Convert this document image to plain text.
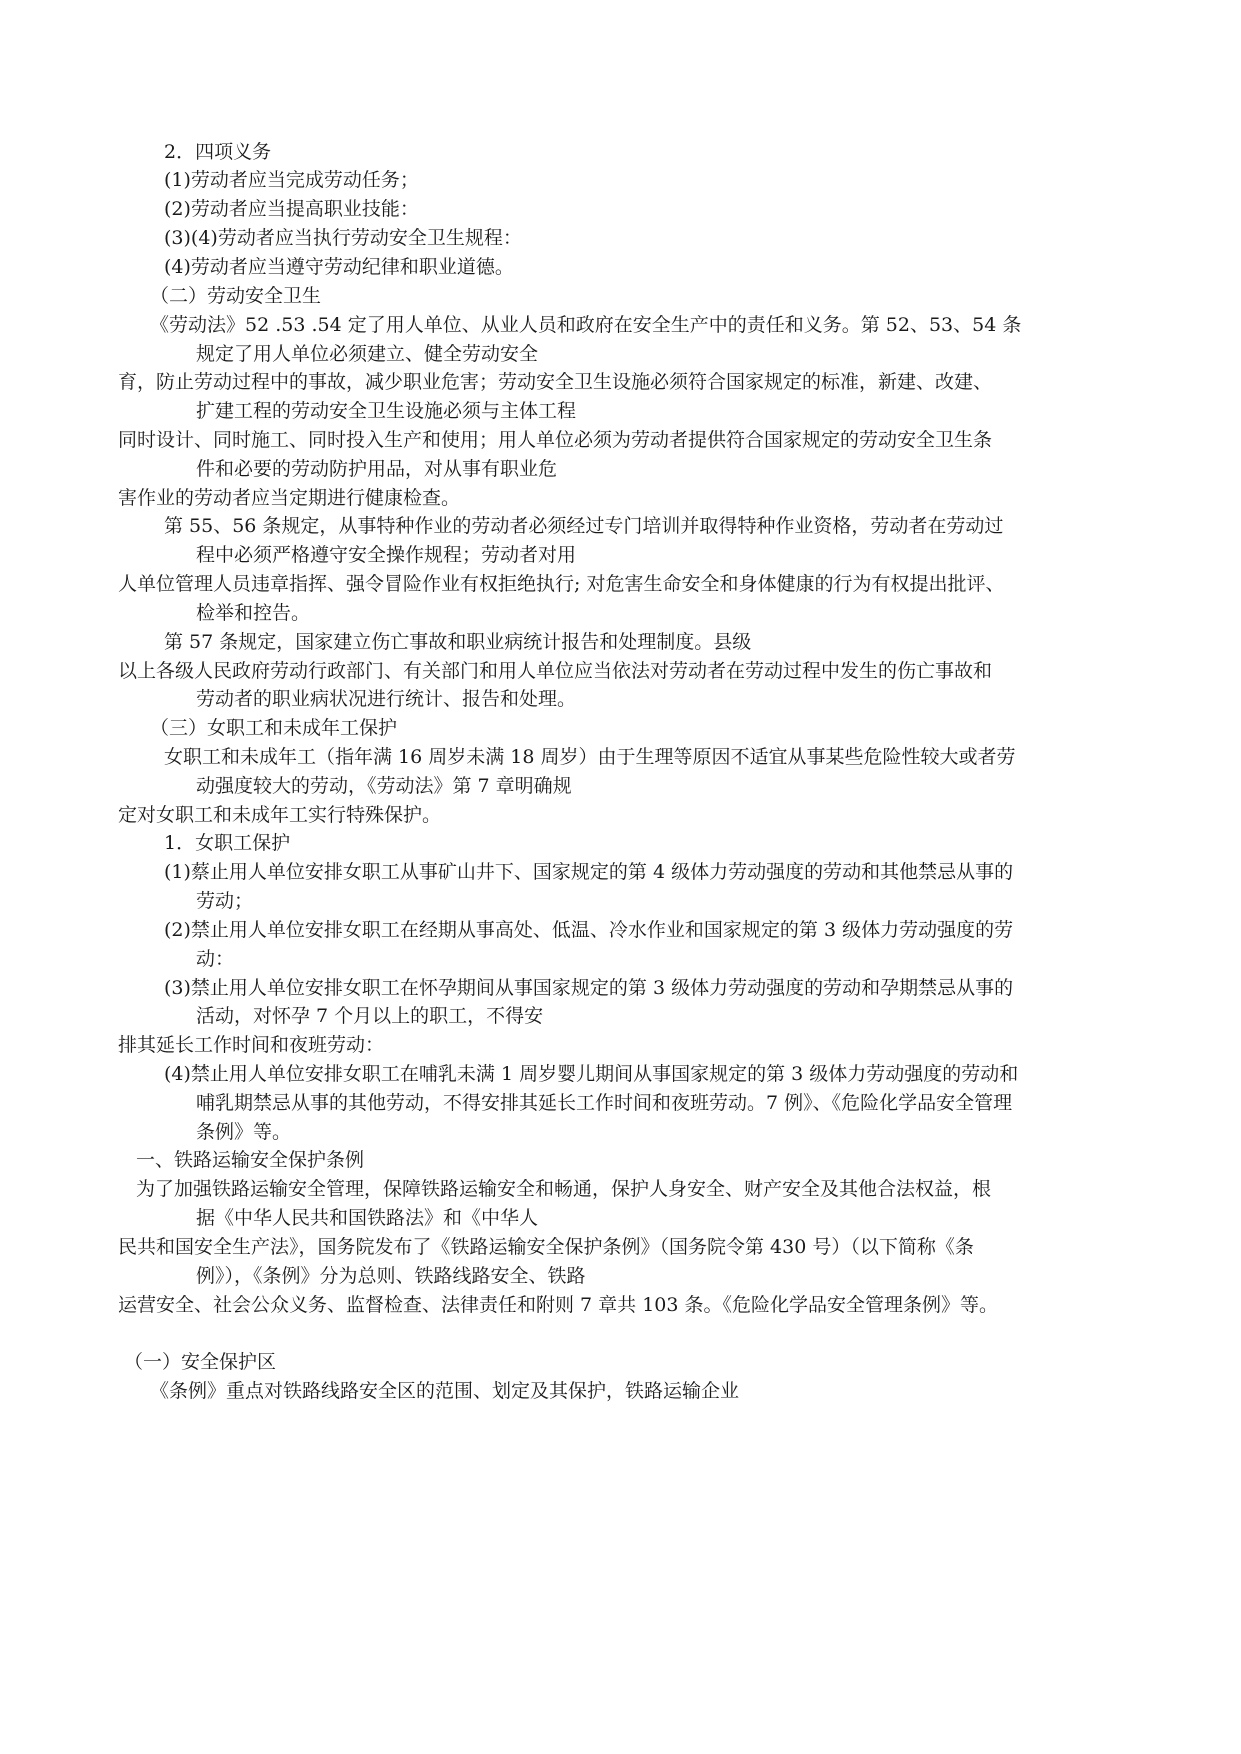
2．四项义务
(1)劳动者应当完成劳动任务；
(2)劳动者应当提高职业技能：
(3)(4)劳动者应当执行劳动安全卫生规程：
(4)劳动者应当遵守劳动纪律和职业道德。
（二）劳动安全卫生
《劳动法》52 .53 .54 定了用人单位、从业人员和政府在安全生产中的责任和义务。第 52、53、54 条
规定了用人单位必须建立、健全劳动安全
育，防止劳动过程中的事故，减少职业危害；劳动安全卫生设施必须符合国家规定的标准，新建、改建、
扩建工程的劳动安全卫生设施必须与主体工程
同时设计、同时施工、同时投入生产和使用；用人单位必须为劳动者提供符合国家规定的劳动安全卫生条
件和必要的劳动防护用品，对从事有职业危
害作业的劳动者应当定期进行健康检查。
第 55、56 条规定，从事特种作业的劳动者必须经过专门培训并取得特种作业资格，劳动者在劳动过
程中必须严格遵守安全操作规程；劳动者对用
人单位管理人员违章指挥、强令冒险作业有权拒绝执行; 对危害生命安全和身体健康的行为有权提出批评、
检举和控告。
第 57 条规定，国家建立伤亡事故和职业病统计报告和处理制度。县级
以上各级人民政府劳动行政部门、有关部门和用人单位应当依法对劳动者在劳动过程中发生的伤亡事故和
劳动者的职业病状况进行统计、报告和处理。
（三）女职工和未成年工保护
女职工和未成年工（指年满 16 周岁未满 18 周岁）由于生理等原因不适宜从事某些危险性较大或者劳
动强度较大的劳动，《劳动法》第 7 章明确规
定对女职工和未成年工实行特殊保护。
1．女职工保护
(1)蔡止用人单位安排女职工从事矿山井下、国家规定的第 4 级体力劳动强度的劳动和其他禁忌从事的
劳动；
(2)禁止用人单位安排女职工在经期从事高处、低温、冷水作业和国家规定的第 3 级体力劳动强度的劳
动：
(3)禁止用人单位安排女职工在怀孕期间从事国家规定的第 3 级体力劳动强度的劳动和孕期禁忌从事的
活动，对怀孕 7 个月以上的职工，不得安
排其延长工作时间和夜班劳动：
(4)禁止用人单位安排女职工在哺乳未满 1 周岁婴儿期间从事国家规定的第 3 级体力劳动强度的劳动和
哺乳期禁忌从事的其他劳动，不得安排其延长工作时间和夜班劳动。7 例》、《危险化学品安全管理
条例》等。
一、铁路运输安全保护条例
为了加强铁路运输安全管理，保障铁路运输安全和畅通，保护人身安全、财产安全及其他合法权益，根
据《中华人民共和国铁路法》和《中华人
民共和国安全生产法》，国务院发布了《铁路运输安全保护条例》（国务院令第 430 号）（以下简称《条
例》），《条例》分为总则、铁路线路安全、铁路
运营安全、社会公众义务、监督检查、法律责任和附则 7 章共 103 条。《危险化学品安全管理条例》等。
（一）安全保护区
《条例》重点对铁路线路安全区的范围、划定及其保护，铁路运输企业
